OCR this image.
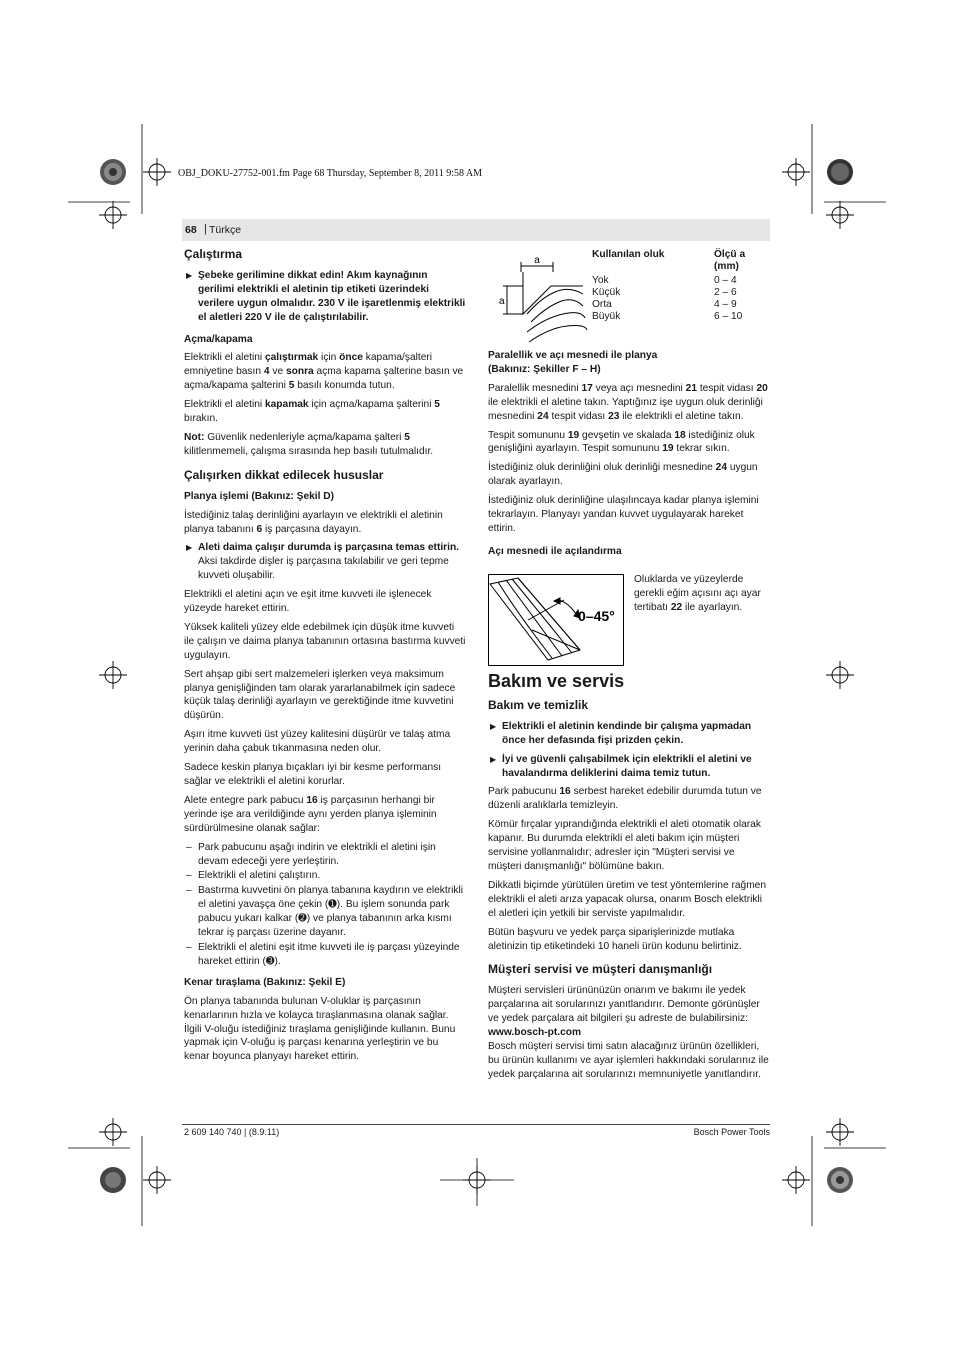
OBJ_DOKU-27752-001.fm Page 68 Thursday, September 8, 2011 9:58 AM
68 Türkçe
|
Çalıştırma
▶ Şebeke gerilimine dikkat edin! Akım kaynağının gerilimi elektrikli el aletinin tip etiketi üzerindeki verilere uygun olmalıdır. 230 V ile işaretlenmiş elektrikli el aletleri 220 V ile de çalıştırılabilir.
Açma/kapama

Elektrikli el aletini çalıştırmak için önce kapama/şalteri emniyetine basın 4 ve sonra açma kapama şalterine basın ve açma/kapama şalterini 5 basılı konumda tutun.

Elektrikli el aletini kapamak için açma/kapama şalterini 5 bırakın.

Not: Güvenlik nedenleriyle açma/kapama şalteri 5 kilitlenmemeli, çalışma sırasında hep basılı tutulmalıdır.

Çalışırken dikkat edilecek hususlar
Planya işlemi (Bakınız: Şekil D)

İstediğiniz talaş derinliğini ayarlayın ve elektrikli el aletinin planya tabanını 6 iş parçasına dayayın.

▶ Aleti daima çalışır durumda iş parçasına temas ettirin.
Aksi takdirde dişler iş parçasına takılabilir ve geri tepme kuvveti oluşabilir.

Elektrikli el aletini açın ve eşit itme kuvveti ile işlenecek yüzeyde hareket ettirin.

Yüksek kaliteli yüzey elde edebilmek için düşük itme kuvveti ile çalışın ve daima planya tabanının ortasına bastırma kuvveti uygulayın.

Sert ahşap gibi sert malzemeleri işlerken veya maksimum planya genişliğinden tam olarak yararlanabilmek için sadece küçük talaş derinliği ayarlayın ve gerektiğinde itme kuvvetini düşürün.

Aşırı itme kuvveti üst yüzey kalitesini düşürür ve talaş atma yerinin daha çabuk tıkanmasına neden olur.

Sadece keskin planya bıçakları iyi bir kesme performansı sağlar ve elektrikli el aletini korurlar.

Alete entegre park pabucu 16 iş parçasının herhangi bir yerinde işe ara verildiğinde aynı yerden planya işleminin sürdürülmesine olanak sağlar:

– Park pabucunu aşağı indirin ve elektrikli el aletini işin devam edeceği yere yerleştirin.
– Elektrikli el aletini çalıştırın.
– Bastırma kuvvetini ön planya tabanına kaydırın ve elektrikli el aletini yavaşça öne çekin (➊). Bu işlem sonunda park pabucu yukarı kalkar (➋) ve planya tabanının arka kısmı tekrar iş parçası üzerine dayanır.
– Elektrikli el aletini eşit itme kuvveti ile iş parçası yüzeyinde hareket ettirin (➌).
Kenar tıraşlama (Bakınız: Şekil E)

Ön planya tabanında bulunan V-oluklar iş parçasının kenarlarının hızla ve kolayca tıraşlanmasına olanak sağlar. İlgili V-oluğu istediğiniz tıraşlama genişliğinde kullanın. Bunu yapmak için V-oluğu iş parçası kenarına yerleştirin ve bu kenar boyunca planyayı hareket ettirin.

a
a
Kullanılan oluk	Ölçü a (mm)
Yok	0 – 4
Küçük	2 – 6
Orta	4 – 9
Büyük	6 – 10
Paralellik ve açı mesnedi ile planya (Bakınız: Şekiller F – H)

Paralellik mesnedini 17 veya açı mesnedini 21 tespit vidası 20 ile elektrikli el aletine takın. Yaptığınız işe uygun oluk derinliği mesnedini 24 tespit vidası 23 ile elektrikli el aletine takın.

Tespit somununu 19 gevşetin ve skalada 18 istediğiniz oluk genişliğini ayarlayın. Tespit somununu 19 tekrar sıkın.

İstediğiniz oluk derinliğini oluk derinliği mesnedine 24 uygun olarak ayarlayın.

İstediğiniz oluk derinliğine ulaşılıncaya kadar planya işlemini tekrarlayın. Planyayı yandan kuvvet uygulayarak hareket ettirin.

Açı mesnedi ile açılandırma
0–45°

Oluklarda ve yüzeylerde gerekli eğim açısını açı ayar tertibatı 22 ile ayarlayın.

Bakım ve servis
Bakım ve temizlik
▶ Elektrikli el aletinin kendinde bir çalışma yapmadan önce her defasında fişi prizden çekin.
▶ İyi ve güvenli çalışabilmek için elektrikli el aletini ve havalandırma deliklerini daima temiz tutun.

Park pabucunu 16 serbest hareket edebilir durumda tutun ve düzenli aralıklarla temizleyin.

Kömür fırçalar yıprandığında elektrikli el aleti otomatik olarak kapanır. Bu durumda elektrikli el aleti bakım için müşteri servisine yollanmalıdır; adresler için "Müşteri servisi ve müşteri danışmanlığı" bölümüne bakın.

Dikkatli biçimde yürütülen üretim ve test yöntemlerine rağmen elektrikli el aleti arıza yapacak olursa, onarım Bosch elektrikli el aletleri için yetkili bir serviste yapılmalıdır.

Bütün başvuru ve yedek parça siparişlerinizde mutlaka aletinizin tip etiketindeki 10 haneli ürün kodunu belirtiniz.

Müşteri servisi ve müşteri danışmanlığı

Müşteri servisleri ürününüzün onarım ve bakımı ile yedek parçalarına ait sorularınızı yanıtlandırır. Demonte görünüşler ve yedek parçalara ait bilgileri şu adreste de bulabilirsiniz:

www.bosch-pt.com

Bosch müşteri servisi timi satın alacağınız ürünün özellikleri, bu ürünün kullanımı ve ayar işlemleri hakkındaki sorularınız ile yedek parçalarına ait sorularınızı memnuniyetle yanıtlandırır.

2 609 140 740 | (8.9.11)	Bosch Power Tools
